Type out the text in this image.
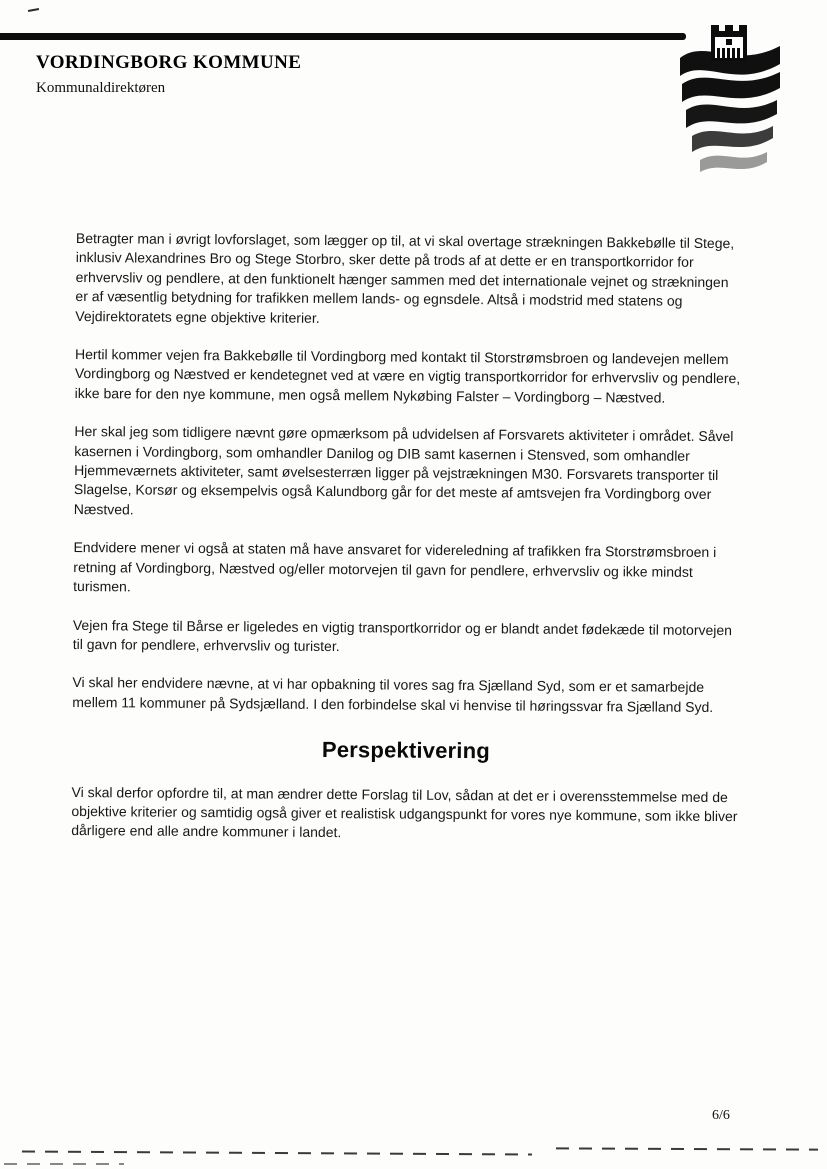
VORDINGBORG KOMMUNE
Kommunaldirektøren

Betragter man i øvrigt lovforslaget, som lægger op til, at vi skal overtage strækningen Bakkebølle til Stege, inklusiv Alexandrines Bro og Stege Storbro, sker dette på trods af at dette er en transportkorridor for erhvervsliv og pendlere, at den funktionelt hænger sammen med det internationale vejnet og strækningen er af væsentlig betydning for trafikken mellem lands- og egnsdele. Altså i modstrid med statens og Vejdirektoratets egne objektive kriterier.

Hertil kommer vejen fra Bakkebølle til Vordingborg med kontakt til Storstrømsbroen og landevejen mellem Vordingborg og Næstved er kendetegnet ved at være en vigtig transportkorridor for erhvervsliv og pendlere, ikke bare for den nye kommune, men også mellem Nykøbing Falster – Vordingborg – Næstved.

Her skal jeg som tidligere nævnt gøre opmærksom på udvidelsen af Forsvarets aktiviteter i området. Såvel kasernen i Vordingborg, som omhandler Danilog og DIB samt kasernen i Stensved, som omhandler Hjemmeværnets aktiviteter, samt øvelsesterræn ligger på vejstrækningen M30. Forsvarets transporter til Slagelse, Korsør og eksempelvis også Kalundborg går for det meste af amtsvejen fra Vordingborg over Næstved.

Endvidere mener vi også at staten må have ansvaret for videreledning af trafikken fra Storstrømsbroen i retning af Vordingborg, Næstved og/eller motorvejen til gavn for pendlere, erhvervsliv og ikke mindst turismen.

Vejen fra Stege til Bårse er ligeledes en vigtig transportkorridor og er blandt andet fødekæde til motorvejen til gavn for pendlere, erhvervsliv og turister.

Vi skal her endvidere nævne, at vi har opbakning til vores sag fra Sjælland Syd, som er et samarbejde mellem 11 kommuner på Sydsjælland. I den forbindelse skal vi henvise til høringssvar fra Sjælland Syd.

Perspektivering

Vi skal derfor opfordre til, at man ændrer dette Forslag til Lov, sådan at det er i overensstemmelse med de objektive kriterier og samtidig også giver et realistisk udgangspunkt for vores nye kommune, som ikke bliver dårligere end alle andre kommuner i landet.

6/6
